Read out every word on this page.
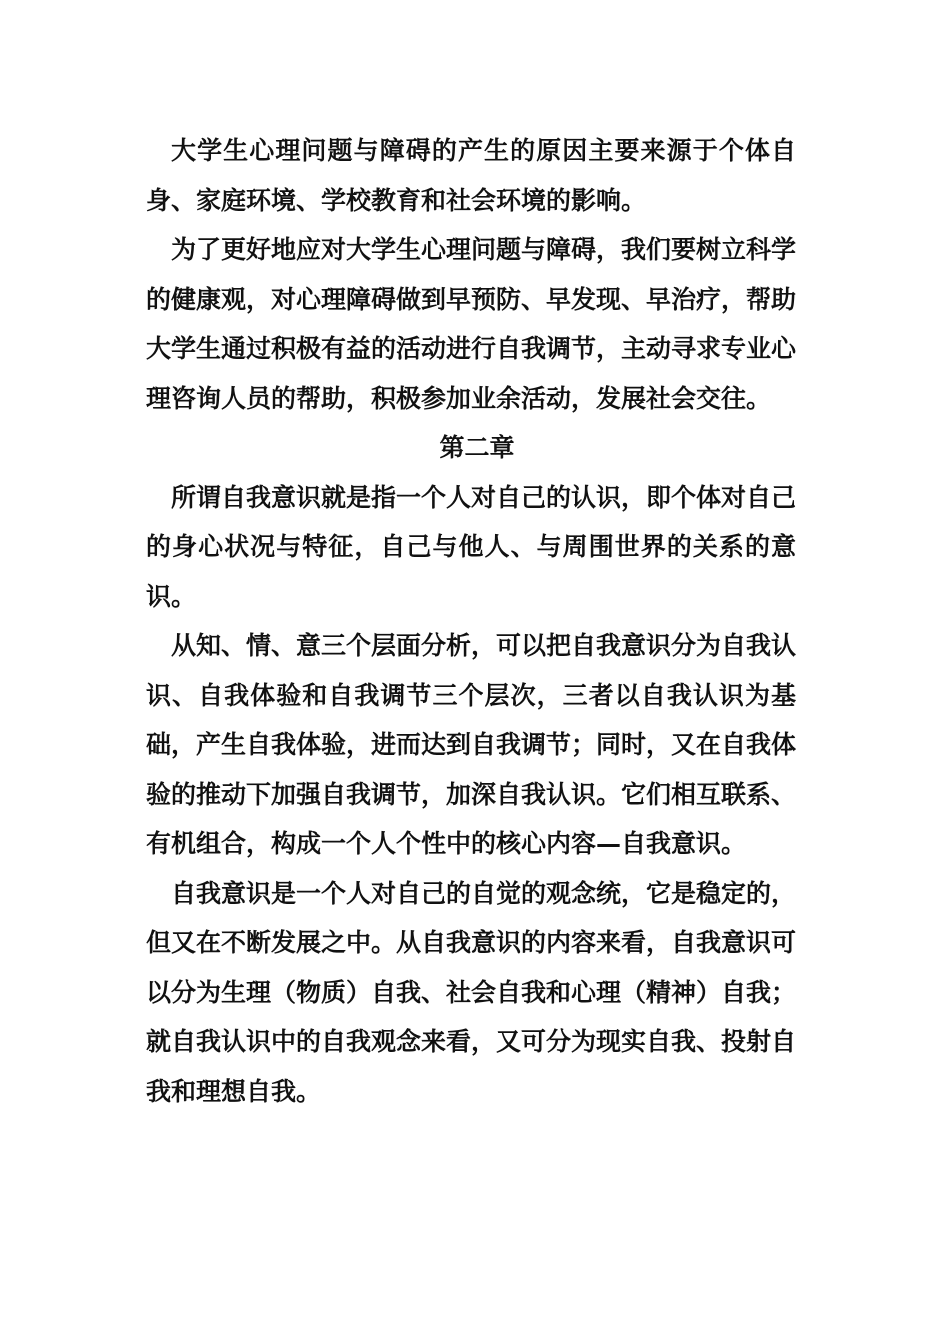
大学生心理问题与障碍的产生的原因主要来源于个体自身、家庭环境、学校教育和社会环境的影响。

为了更好地应对大学生心理问题与障碍，我们要树立科学的健康观，对心理障碍做到早预防、早发现、早治疗，帮助大学生通过积极有益的活动进行自我调节，主动寻求专业心理咨询人员的帮助，积极参加业余活动，发展社会交往。

第二章

所谓自我意识就是指一个人对自己的认识，即个体对自己的身心状况与特征，自己与他人、与周围世界的关系的意识。

从知、情、意三个层面分析，可以把自我意识分为自我认识、自我体验和自我调节三个层次，三者以自我认识为基础，产生自我体验，进而达到自我调节；同时，又在自我体验的推动下加强自我调节，加深自我认识。它们相互联系、有机组合，构成一个人个性中的核心内容—自我意识。

自我意识是一个人对自己的自觉的观念统，它是稳定的，但又在不断发展之中。从自我意识的内容来看，自我意识可以分为生理（物质）自我、社会自我和心理（精神）自我；就自我认识中的自我观念来看，又可分为现实自我、投射自我和理想自我。
